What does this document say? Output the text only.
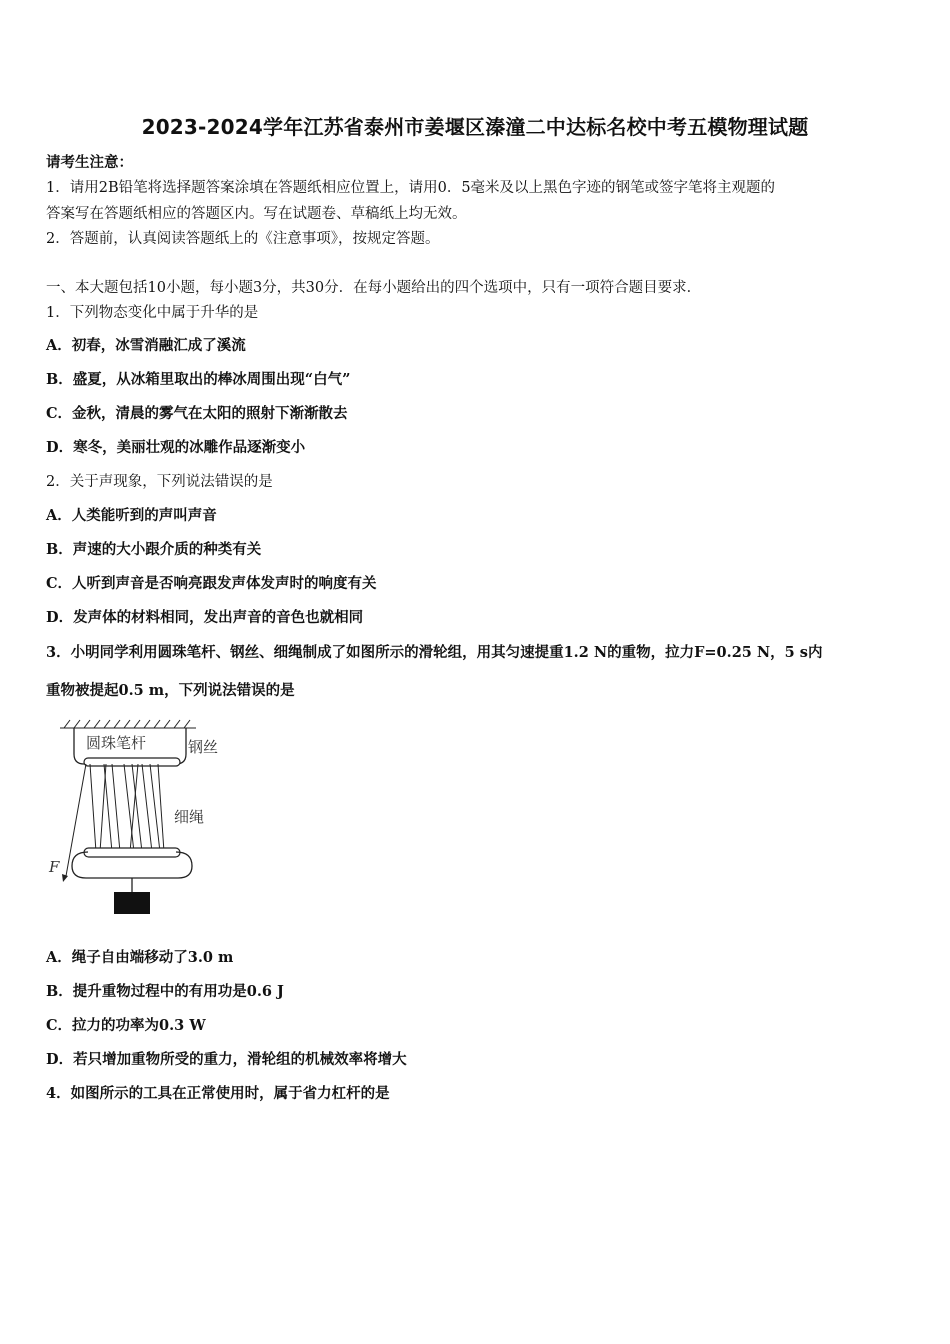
2023-2024学年江苏省泰州市姜堰区溱潼二中达标名校中考五模物理试题
请考生注意：
1．请用2B铅笔将选择题答案涂填在答题纸相应位置上，请用0．5毫米及以上黑色字迹的钢笔或签字笔将主观题的
答案写在答题纸相应的答题区内。写在试题卷、草稿纸上均无效。
2．答题前，认真阅读答题纸上的《注意事项》，按规定答题。
一、本大题包括10小题，每小题3分，共30分．在每小题给出的四个选项中，只有一项符合题目要求．
1．下列物态变化中属于升华的是
A．初春，冰雪消融汇成了溪流
B．盛夏，从冰箱里取出的棒冰周围出现“白气”
C．金秋，清晨的雾气在太阳的照射下渐渐散去
D．寒冬，美丽壮观的冰雕作品逐渐变小
2．关于声现象，下列说法错误的是
A．人类能听到的声叫声音
B．声速的大小跟介质的种类有关
C．人听到声音是否响亮跟发声体发声时的响度有关
D．发声体的材料相同，发出声音的音色也就相同
3．小明同学利用圆珠笔杆、钢丝、细绳制成了如图所示的滑轮组，用其匀速提重1.2 N的重物，拉力F=0.25 N，5 s内
重物被提起0.5 m，下列说法错误的是
圆珠笔杆	钢丝
F
细绳
A．绳子自由端移动了3.0 m
B．提升重物过程中的有用功是0.6 J
C．拉力的功率为0.3 W
D．若只增加重物所受的重力，滑轮组的机械效率将增大
4．如图所示的工具在正常使用时，属于省力杠杆的是
